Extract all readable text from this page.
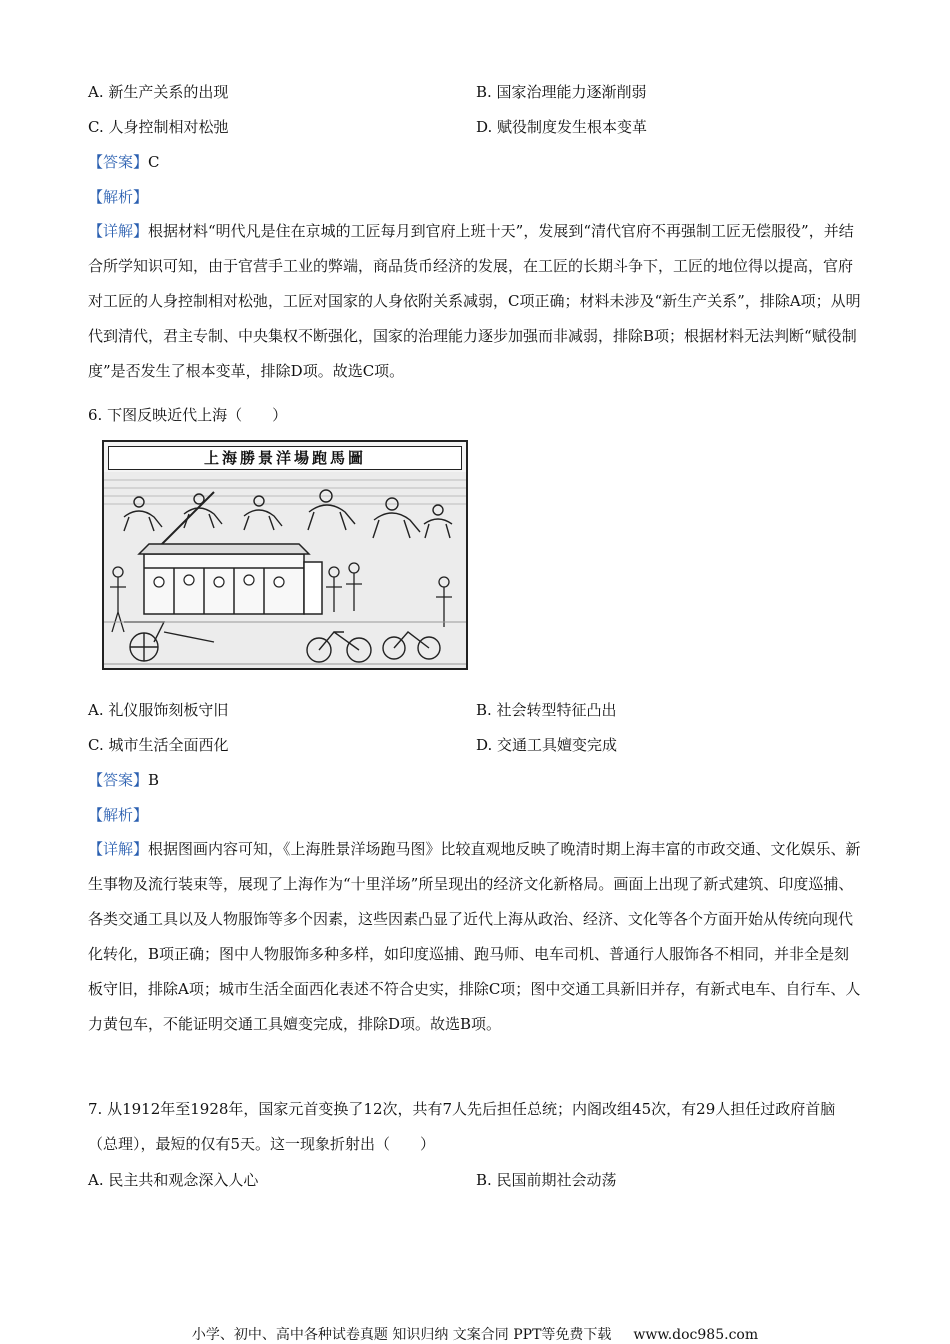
A. 新生产关系的出现	B. 国家治理能力逐渐削弱
C. 人身控制相对松弛	D. 赋役制度发生根本变革
【答案】C
【解析】

【详解】根据材料“明代凡是住在京城的工匠每月到官府上班十天”，发展到“清代官府不再强制工匠无偿服役”，并结合所学知识可知，由于官营手工业的弊端，商品货币经济的发展，在工匠的长期斗争下，工匠的地位得以提高，官府对工匠的人身控制相对松弛，工匠对国家的人身依附关系减弱，C项正确；材料未涉及“新生产关系”，排除A项；从明代到清代，君主专制、中央集权不断强化，国家的治理能力逐步加强而非减弱，排除B项；根据材料无法判断“赋役制度”是否发生了根本变革，排除D项。故选C项。

6. 下图反映近代上海（　　）
上海勝景洋場跑馬圖
A. 礼仪服饰刻板守旧	B. 社会转型特征凸出
C. 城市生活全面西化	D. 交通工具嬗变完成
【答案】B
【解析】

【详解】根据图画内容可知，《上海胜景洋场跑马图》比较直观地反映了晚清时期上海丰富的市政交通、文化娱乐、新生事物及流行装束等，展现了上海作为“十里洋场”所呈现出的经济文化新格局。画面上出现了新式建筑、印度巡捕、各类交通工具以及人物服饰等多个因素，这些因素凸显了近代上海从政治、经济、文化等各个方面开始从传统向现代化转化，B项正确；图中人物服饰多种多样，如印度巡捕、跑马师、电车司机、普通行人服饰各不相同，并非全是刻板守旧，排除A项；城市生活全面西化表述不符合史实，排除C项；图中交通工具新旧并存，有新式电车、自行车、人力黄包车，不能证明交通工具嬗变完成，排除D项。故选B项。

7. 从1912年至1928年，国家元首变换了12次，共有7人先后担任总统；内阁改组45次，有29人担任过政府首脑（总理），最短的仅有5天。这一现象折射出（　　）

A. 民主共和观念深入人心	B. 民国前期社会动荡
小学、初中、高中各种试卷真题 知识归纳 文案合同 PPT等免费下载 www.doc985.com
